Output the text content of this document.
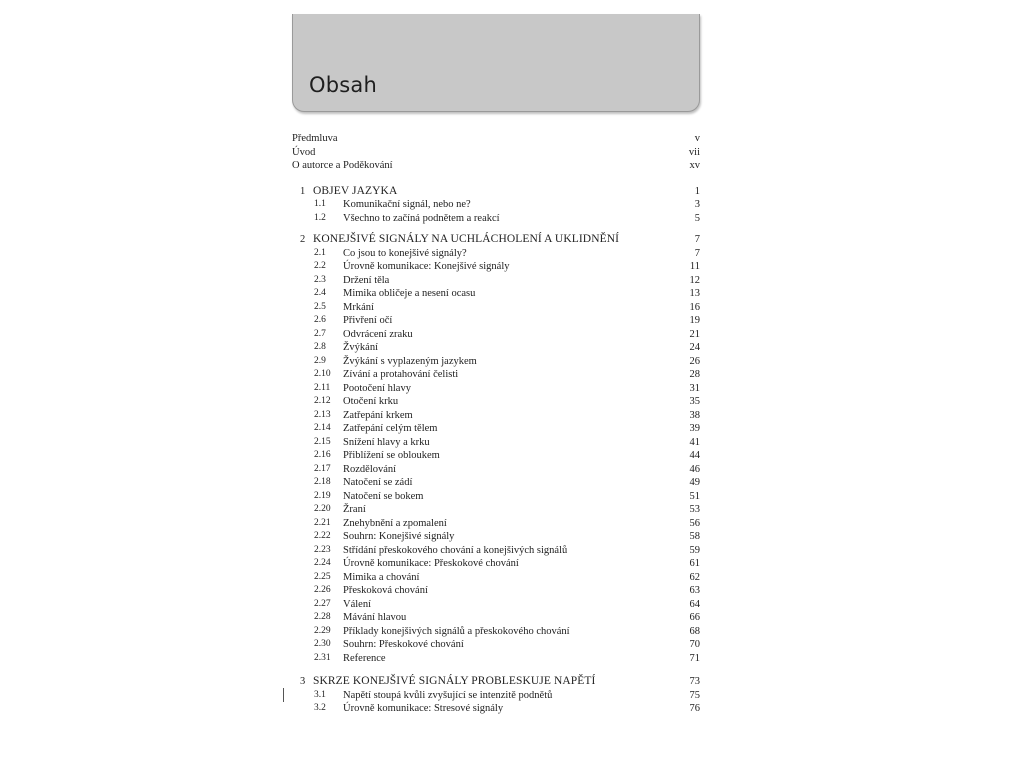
Obsah
Předmluva	v
Úvod	vii
O autorce a Poděkování	xv
1 OBJEV JAZYKA	1
1.1	Komunikační signál, nebo ne?	3
1.2	Všechno to začíná podnětem a reakcí	5
2 KONEJŠIVÉ SIGNÁLY NA UCHLÁCHOLENÍ A UKLIDNĚNÍ	7
2.1	Co jsou to konejšivé signály?	7
2.2	Úrovně komunikace: Konejšivé signály	11
2.3	Držení těla	12
2.4	Mimika obličeje a nesení ocasu	13
2.5	Mrkání	16
2.6	Přivření očí	19
2.7	Odvrácení zraku	21
2.8	Žvýkání	24
2.9	Žvýkání s vyplazeným jazykem	26
2.10	Zívání a protahování čelisti	28
2.11	Pootočení hlavy	31
2.12	Otočení krku	35
2.13	Zatřepání krkem	38
2.14	Zatřepání celým tělem	39
2.15	Snížení hlavy a krku	41
2.16	Přiblížení se obloukem	44
2.17	Rozdělování	46
2.18	Natočení se zádí	49
2.19	Natočení se bokem	51
2.20	Žraní	53
2.21	Znehybnění a zpomalení	56
2.22	Souhrn: Konejšivé signály	58
2.23	Střídání přeskokového chování a konejšivých signálů	59
2.24	Úrovně komunikace: Přeskokové chování	61
2.25	Mimika a chování	62
2.26	Přeskoková chování	63
2.27	Válení	64
2.28	Mávání hlavou	66
2.29	Příklady konejšivých signálů a přeskokového chování	68
2.30	Souhrn: Přeskokové chování	70
2.31	Reference	71
3 SKRZE KONEJŠIVÉ SIGNÁLY PROBLESKUJE NAPĚTÍ	73
3.1	Napětí stoupá kvůli zvyšující se intenzitě podnětů	75
3.2	Úrovně komunikace: Stresové signály	76
